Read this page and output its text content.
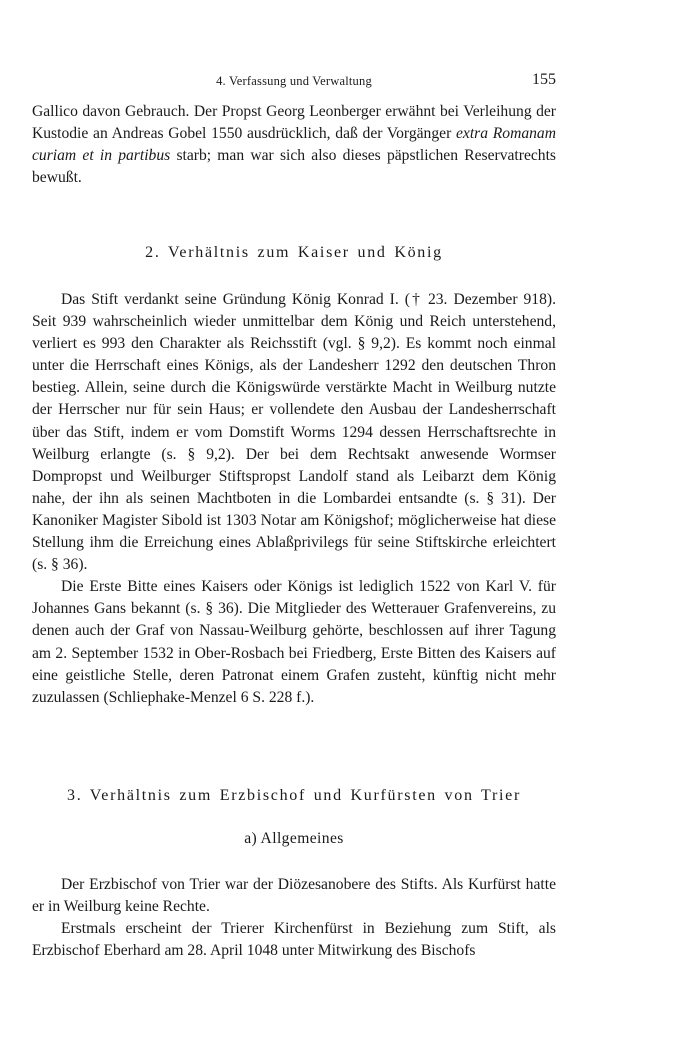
4. Verfassung und Verwaltung	155

Gallico davon Gebrauch. Der Propst Georg Leonberger erwähnt bei Verleihung der Kustodie an Andreas Gobel 1550 ausdrücklich, daß der Vorgänger extra Romanam curiam et in partibus starb; man war sich also dieses päpstlichen Reservatrechts bewußt.

2. Verhältnis zum Kaiser und König

Das Stift verdankt seine Gründung König Konrad I. († 23. Dezember 918). Seit 939 wahrscheinlich wieder unmittelbar dem König und Reich unterstehend, verliert es 993 den Charakter als Reichsstift (vgl. § 9,2). Es kommt noch einmal unter die Herrschaft eines Königs, als der Landesherr 1292 den deutschen Thron bestieg. Allein, seine durch die Königswürde verstärkte Macht in Weilburg nutzte der Herrscher nur für sein Haus; er vollendete den Ausbau der Landesherrschaft über das Stift, indem er vom Domstift Worms 1294 dessen Herrschaftsrechte in Weilburg erlangte (s. § 9,2). Der bei dem Rechtsakt anwesende Wormser Dompropst und Weilburger Stiftspropst Landolf stand als Leibarzt dem König nahe, der ihn als seinen Machtboten in die Lombardei entsandte (s. § 31). Der Kanoniker Magister Sibold ist 1303 Notar am Königshof; möglicherweise hat diese Stellung ihm die Erreichung eines Ablaßprivilegs für seine Stiftskirche erleichtert (s. § 36).

Die Erste Bitte eines Kaisers oder Königs ist lediglich 1522 von Karl V. für Johannes Gans bekannt (s. § 36). Die Mitglieder des Wetterauer Grafenvereins, zu denen auch der Graf von Nassau-Weilburg gehörte, beschlossen auf ihrer Tagung am 2. September 1532 in Ober-Rosbach bei Friedberg, Erste Bitten des Kaisers auf eine geistliche Stelle, deren Patronat einem Grafen zusteht, künftig nicht mehr zuzulassen (Schliephake-Menzel 6 S. 228 f.).

3. Verhältnis zum Erzbischof und Kurfürsten von Trier
a) Allgemeines

Der Erzbischof von Trier war der Diözesanobere des Stifts. Als Kurfürst hatte er in Weilburg keine Rechte.

Erstmals erscheint der Trierer Kirchenfürst in Beziehung zum Stift, als Erzbischof Eberhard am 28. April 1048 unter Mitwirkung des Bischofs
